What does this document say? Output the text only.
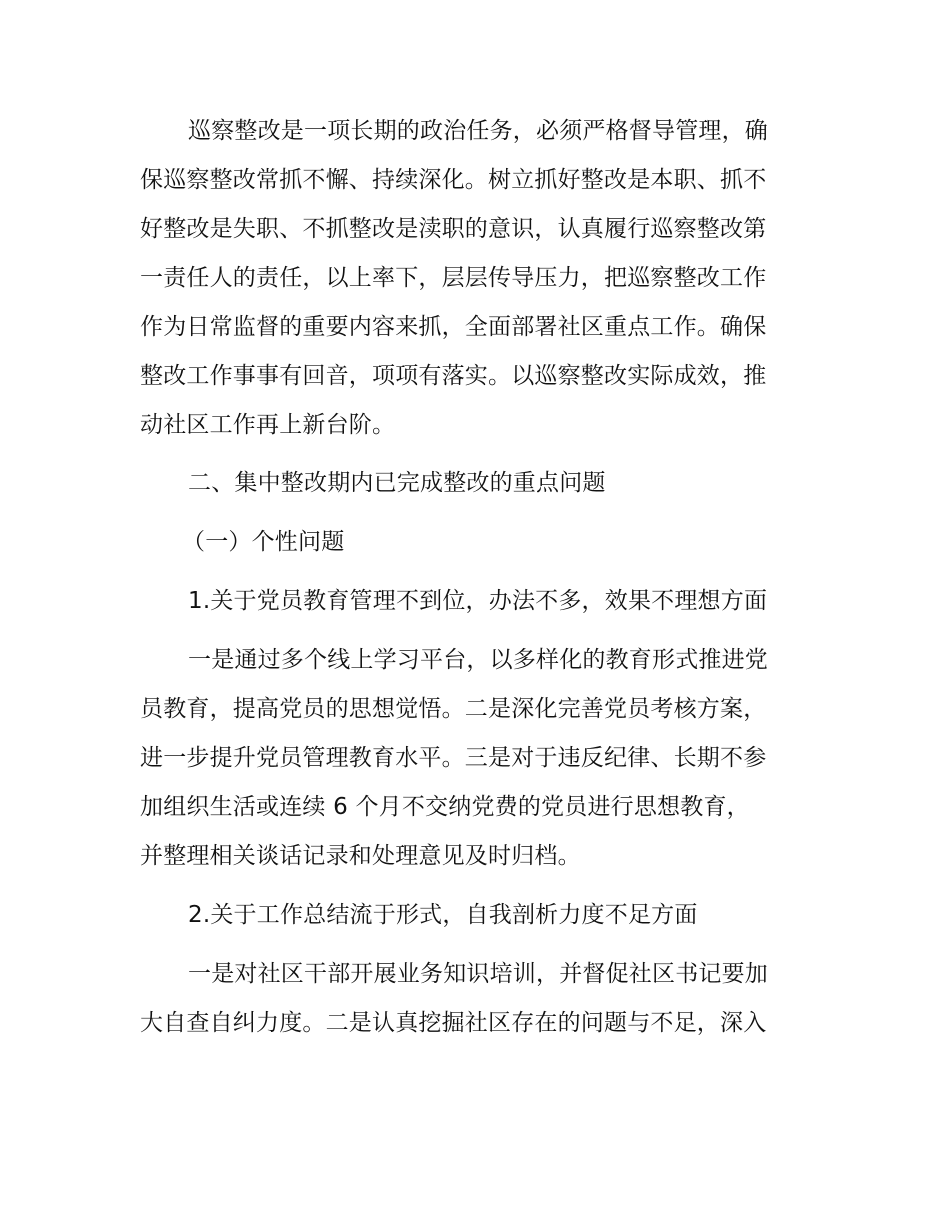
巡察整改是一项长期的政治任务，必须严格督导管理，确
保巡察整改常抓不懈、持续深化。树立抓好整改是本职、抓不
好整改是失职、不抓整改是渎职的意识，认真履行巡察整改第
一责任人的责任，以上率下，层层传导压力，把巡察整改工作
作为日常监督的重要内容来抓，全面部署社区重点工作。确保
整改工作事事有回音，项项有落实。以巡察整改实际成效，推
动社区工作再上新台阶。
二、集中整改期内已完成整改的重点问题
（一）个性问题
1.关于党员教育管理不到位，办法不多，效果不理想方面
一是通过多个线上学习平台，以多样化的教育形式推进党
员教育，提高党员的思想觉悟。二是深化完善党员考核方案，
进一步提升党员管理教育水平。三是对于违反纪律、长期不参
加组织生活或连续 6 个月不交纳党费的党员进行思想教育，
并整理相关谈话记录和处理意见及时归档。
2.关于工作总结流于形式，自我剖析力度不足方面
一是对社区干部开展业务知识培训，并督促社区书记要加
大自查自纠力度。二是认真挖掘社区存在的问题与不足，深入
